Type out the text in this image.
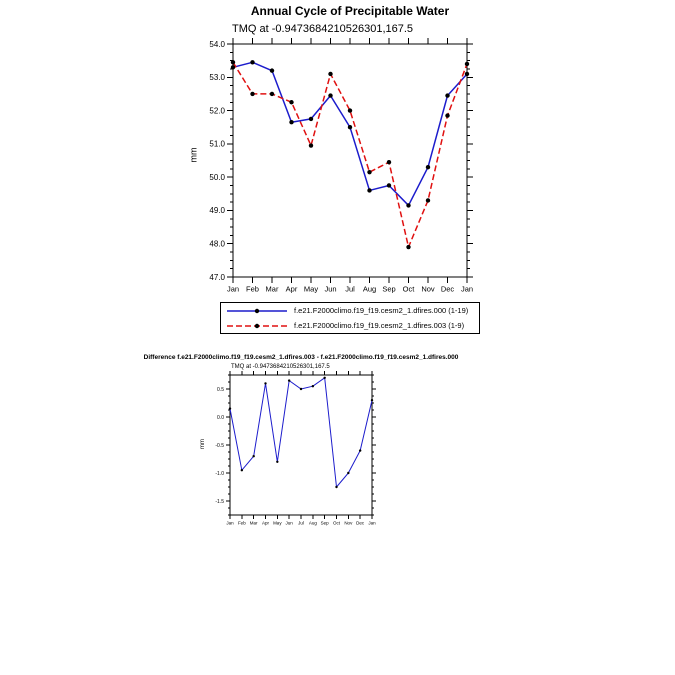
Annual Cycle of Precipitable Water
TMQ at -0.9473684210526301,167.5
mm
47.0
48.0
49.0
50.0
51.0
52.0
53.0
54.0
Jan Feb Mar Apr May Jun Jul Aug Sep Oct Nov Dec Jan
-1.5
-1.0
-0.5
0.0
0.5
Jan Feb Mar Apr May Jun Jul Aug Sep Oct Nov Dec Jan
f.e21.F2000climo.f19_f19.cesm2_1.dfires.000 (1-19)
f.e21.F2000climo.f19_f19.cesm2_1.dfires.003 (1-9)
Difference f.e21.F2000climo.f19_f19.cesm2_1.dfires.003 - f.e21.F2000climo.f19_f19.cesm2_1.dfires.000
TMQ at -0.9473684210526301,167.5
mm
